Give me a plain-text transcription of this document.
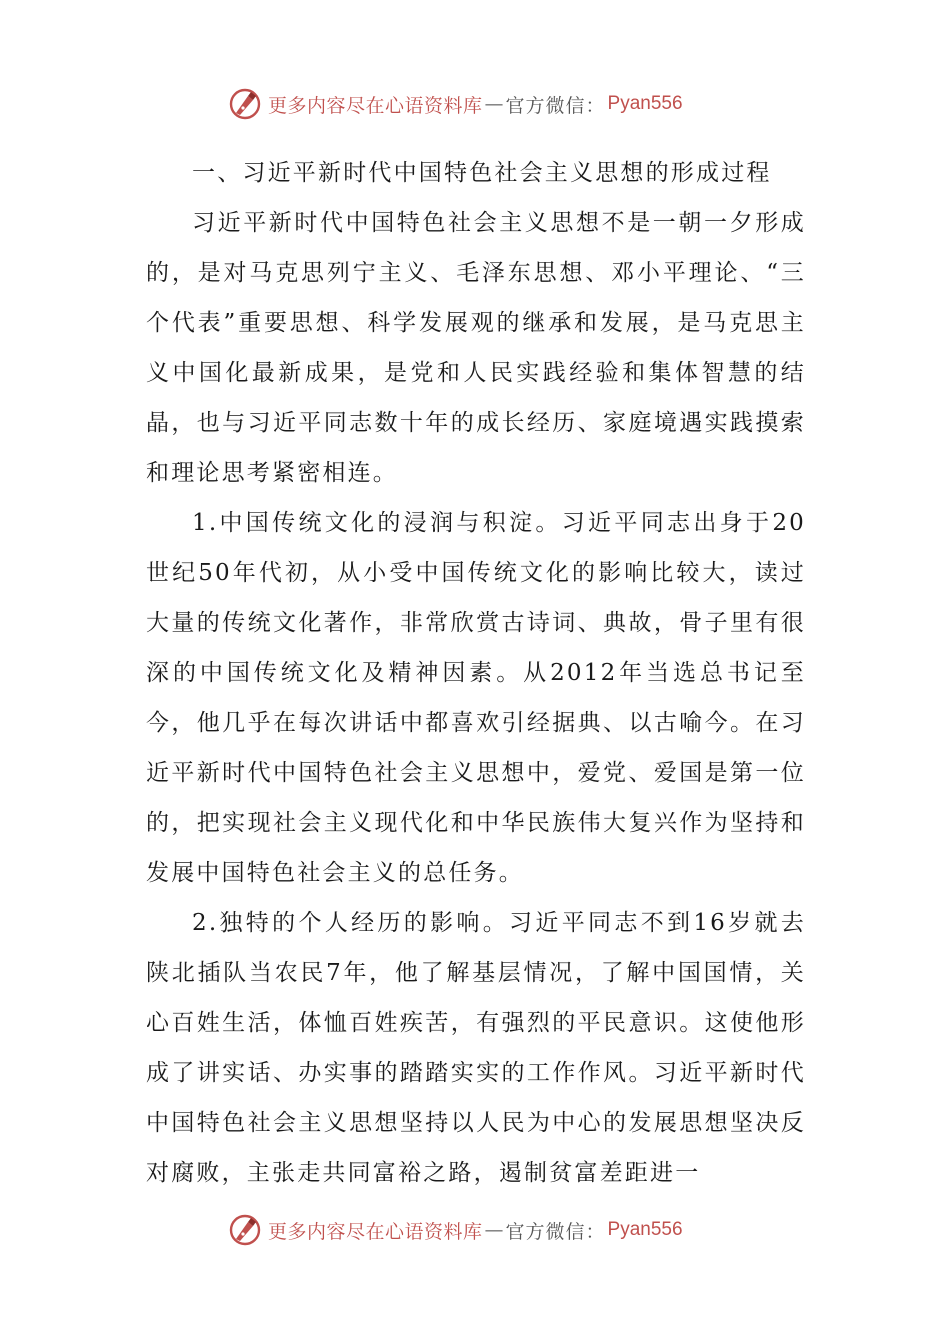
更多内容尽在心语资料库 — 官方微信： Pyan556

一、习近平新时代中国特色社会主义思想的形成过程

习近平新时代中国特色社会主义思想不是一朝一夕形成的，是对马克思列宁主义、毛泽东思想、邓小平理论、“三个代表”重要思想、科学发展观的继承和发展，是马克思主义中国化最新成果，是党和人民实践经验和集体智慧的结晶，也与习近平同志数十年的成长经历、家庭境遇实践摸索和理论思考紧密相连。

1.中国传统文化的浸润与积淀。习近平同志出身于20世纪50年代初，从小受中国传统文化的影响比较大，读过大量的传统文化著作，非常欣赏古诗词、典故，骨子里有很深的中国传统文化及精神因素。从2012年当选总书记至今，他几乎在每次讲话中都喜欢引经据典、以古喻今。在习近平新时代中国特色社会主义思想中，爱党、爱国是第一位的，把实现社会主义现代化和中华民族伟大复兴作为坚持和发展中国特色社会主义的总任务。

2.独特的个人经历的影响。习近平同志不到16岁就去陕北插队当农民7年，他了解基层情况，了解中国国情，关心百姓生活，体恤百姓疾苦，有强烈的平民意识。这使他形成了讲实话、办实事的踏踏实实的工作作风。习近平新时代中国特色社会主义思想坚持以人民为中心的发展思想坚决反对腐败，主张走共同富裕之路，遏制贫富差距进一

更多内容尽在心语资料库 — 官方微信： Pyan556
